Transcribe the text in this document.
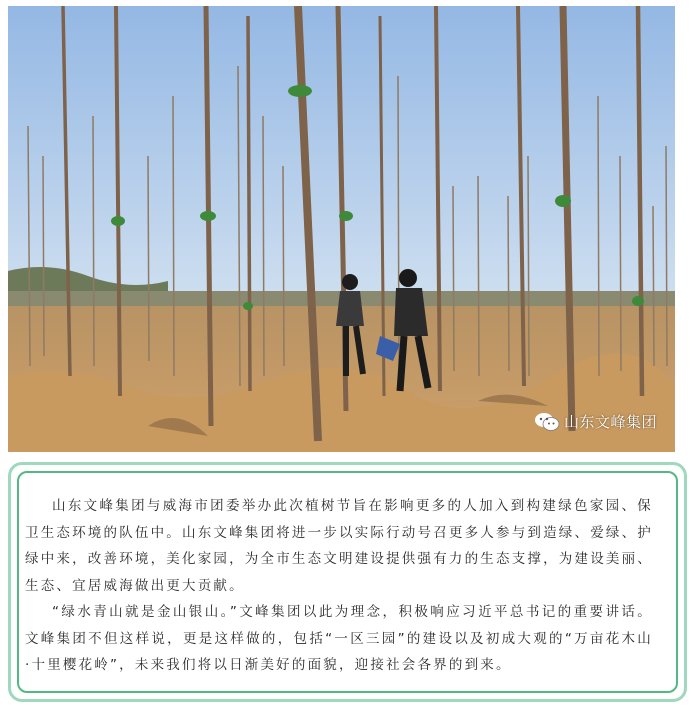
山东文峰集团

山东文峰集团与威海市团委举办此次植树节旨在影响更多的人加入到构建绿色家园、保卫生态环境的队伍中。山东文峰集团将进一步以实际行动号召更多人参与到造绿、爱绿、护绿中来，改善环境，美化家园，为全市生态文明建设提供强有力的生态支撑，为建设美丽、生态、宜居威海做出更大贡献。

“绿水青山就是金山银山。”文峰集团以此为理念，积极响应习近平总书记的重要讲话。文峰集团不但这样说，更是这样做的，包括“一区三园”的建设以及初成大观的“万亩花木山·十里樱花岭”，未来我们将以日渐美好的面貌，迎接社会各界的到来。
